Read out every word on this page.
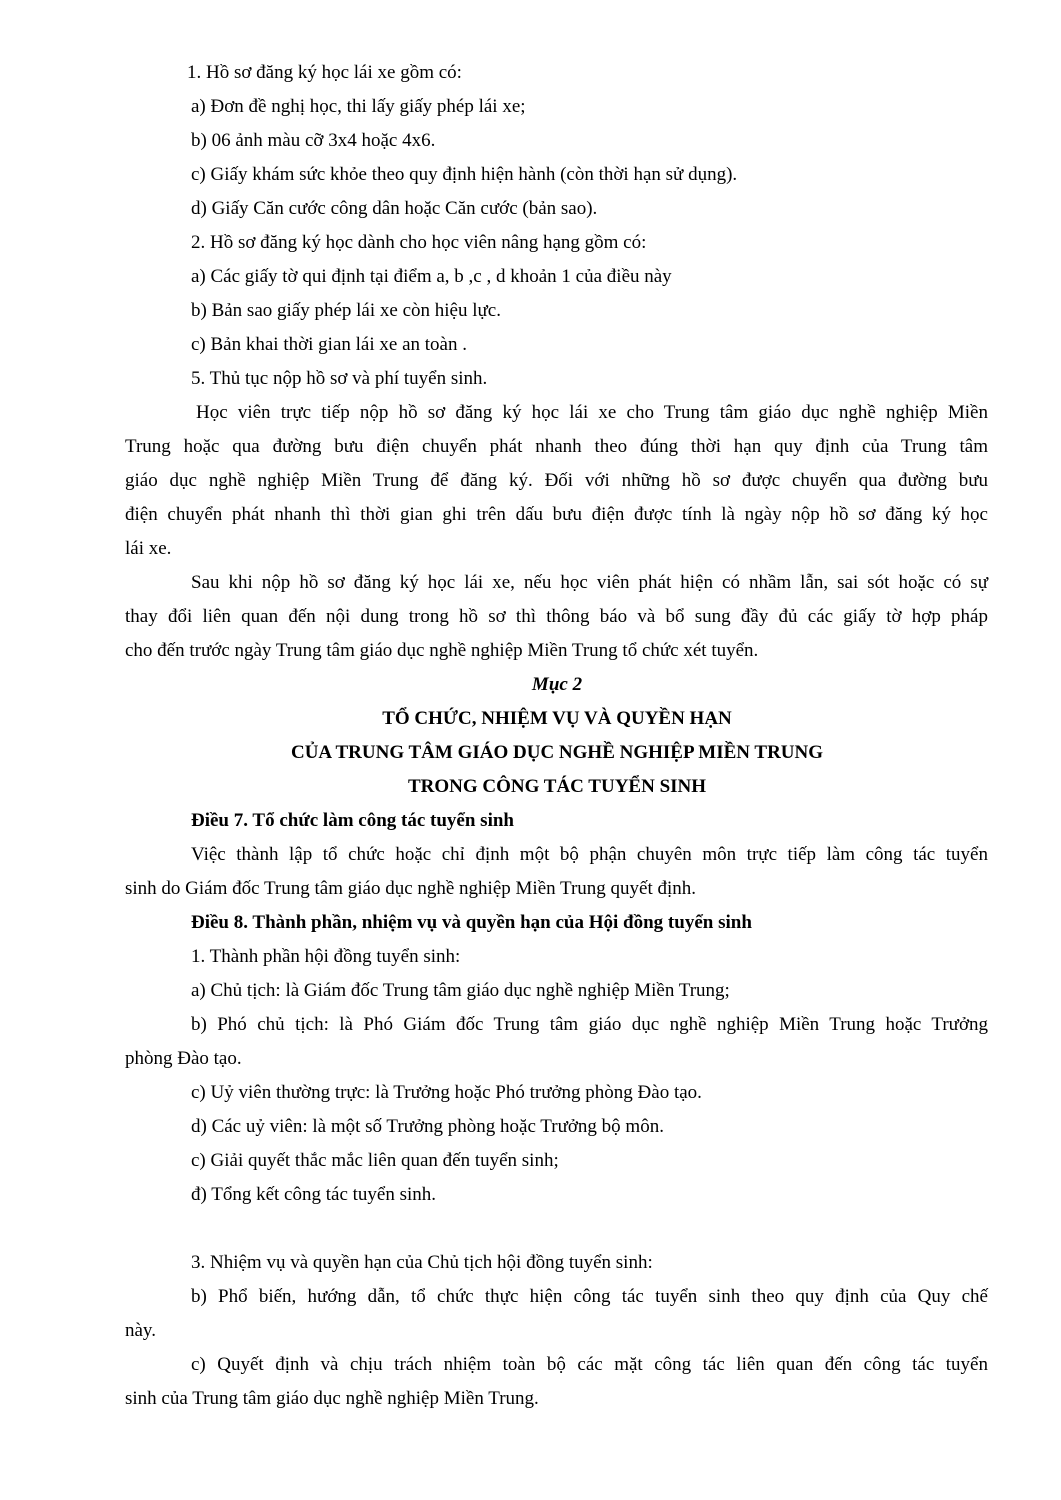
1. Hồ sơ đăng ký học lái xe gồm có:
a) Đơn đề nghị học, thi lấy giấy phép lái xe;
b) 06 ảnh màu cỡ 3x4 hoặc 4x6.
c) Giấy khám sức khỏe theo quy định hiện hành (còn thời hạn sử dụng).
d) Giấy Căn cước công dân hoặc Căn cước (bản sao).
2. Hồ sơ đăng ký học dành cho học viên nâng hạng gồm có:
a) Các giấy tờ qui định tại điểm a, b ,c , d khoản 1 của điều này
b) Bản sao giấy phép lái xe còn hiệu lực.
c) Bản khai thời gian lái xe an toàn .
5. Thủ tục nộp hồ sơ và phí tuyển sinh.
Học viên trực tiếp nộp hồ sơ đăng ký học lái xe cho Trung tâm giáo dục nghề nghiệp Miền
Trung hoặc qua đường bưu điện chuyển phát nhanh theo đúng thời hạn quy định của Trung tâm
giáo dục nghề nghiệp Miền Trung để đăng ký. Đối với những hồ sơ được chuyển qua đường bưu
điện chuyển phát nhanh thì thời gian ghi trên dấu bưu điện được tính là ngày nộp hồ sơ đăng ký học
lái xe.
Sau khi nộp hồ sơ đăng ký học lái xe, nếu học viên phát hiện có nhầm lẫn, sai sót hoặc có sự
thay đổi liên quan đến nội dung trong hồ sơ thì thông báo và bổ sung đầy đủ các giấy tờ hợp pháp
cho đến trước ngày Trung tâm giáo dục nghề nghiệp Miền Trung tổ chức xét tuyển.
Mục 2
TỔ CHỨC, NHIỆM VỤ VÀ QUYỀN HẠN
CỦA TRUNG TÂM GIÁO DỤC NGHỀ NGHIỆP MIỀN TRUNG
TRONG CÔNG TÁC TUYỂN SINH
Điều 7. Tổ chức làm công tác tuyển sinh
Việc thành lập tổ chức hoặc chỉ định một bộ phận chuyên môn trực tiếp làm công tác tuyển
sinh do Giám đốc Trung tâm giáo dục nghề nghiệp Miền Trung quyết định.
Điều 8. Thành phần, nhiệm vụ và quyền hạn của Hội đồng tuyển sinh
1. Thành phần hội đồng tuyển sinh:
a) Chủ tịch: là Giám đốc Trung tâm giáo dục nghề nghiệp Miền Trung;
b) Phó chủ tịch: là Phó Giám đốc Trung tâm giáo dục nghề nghiệp Miền Trung hoặc Trưởng
phòng Đào tạo.
c) Uỷ viên thường trực: là Trưởng hoặc Phó trưởng phòng Đào tạo.
d) Các uỷ viên: là một số Trưởng phòng hoặc Trưởng bộ môn.
c) Giải quyết thắc mắc liên quan đến tuyển sinh;
đ) Tổng kết công tác tuyển sinh.
3. Nhiệm vụ và quyền hạn của Chủ tịch hội đồng tuyển sinh:
b) Phổ biến, hướng dẫn, tổ chức thực hiện công tác tuyển sinh theo quy định của Quy chế
này.
c) Quyết định và chịu trách nhiệm toàn bộ các mặt công tác liên quan đến công tác tuyển
sinh của Trung tâm giáo dục nghề nghiệp Miền Trung.
